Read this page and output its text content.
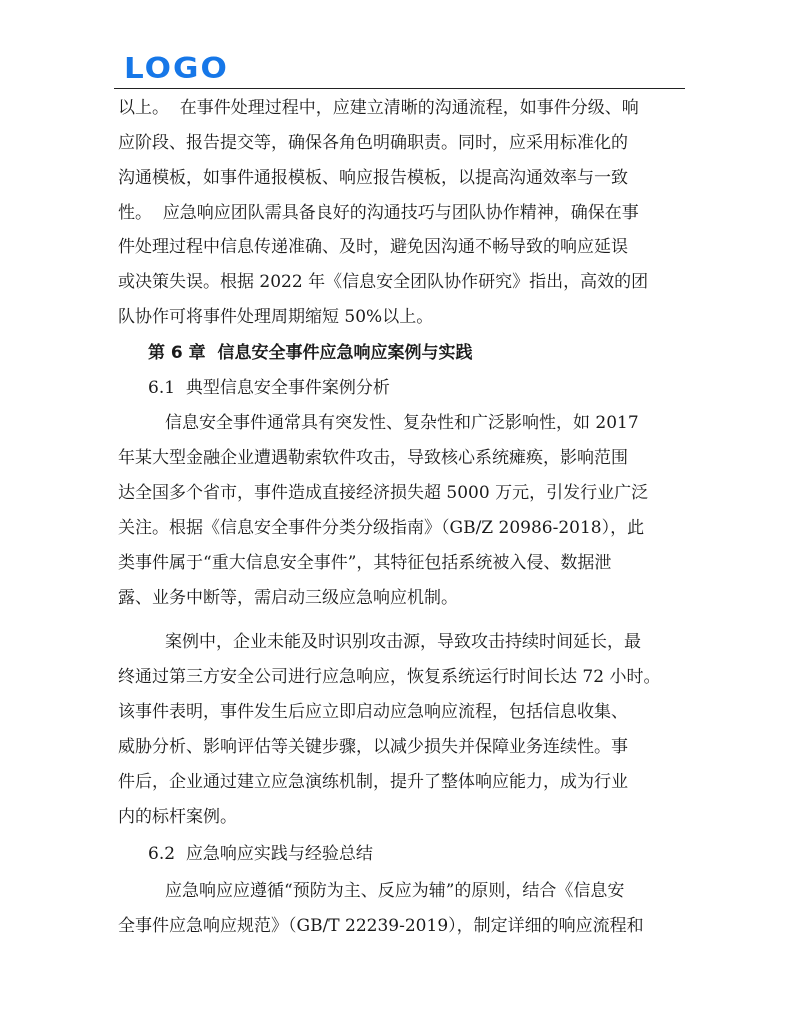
LOGO
以上。  在事件处理过程中，应建立清晰的沟通流程，如事件分级、响
应阶段、报告提交等，确保各角色明确职责。同时，应采用标准化的
沟通模板，如事件通报模板、响应报告模板，以提高沟通效率与一致
性。  应急响应团队需具备良好的沟通技巧与团队协作精神，确保在事
件处理过程中信息传递准确、及时，避免因沟通不畅导致的响应延误
或决策失误。根据 2022 年《信息安全团队协作研究》指出，高效的团
队协作可将事件处理周期缩短 50%以上。
第 6 章  信息安全事件应急响应案例与实践
6.1  典型信息安全事件案例分析
信息安全事件通常具有突发性、复杂性和广泛影响性，如 2017
年某大型金融企业遭遇勒索软件攻击，导致核心系统瘫痪，影响范围
达全国多个省市，事件造成直接经济损失超 5000 万元，引发行业广泛
关注。根据《信息安全事件分类分级指南》（GB/Z 20986-2018），此
类事件属于“重大信息安全事件”，其特征包括系统被入侵、数据泄
露、业务中断等，需启动三级应急响应机制。
案例中，企业未能及时识别攻击源，导致攻击持续时间延长，最
终通过第三方安全公司进行应急响应，恢复系统运行时间长达 72 小时。
该事件表明，事件发生后应立即启动应急响应流程，包括信息收集、
威胁分析、影响评估等关键步骤，以减少损失并保障业务连续性。事
件后，企业通过建立应急演练机制，提升了整体响应能力，成为行业
内的标杆案例。
6.2  应急响应实践与经验总结
应急响应应遵循“预防为主、反应为辅”的原则，结合《信息安
全事件应急响应规范》（GB/T 22239-2019），制定详细的响应流程和
